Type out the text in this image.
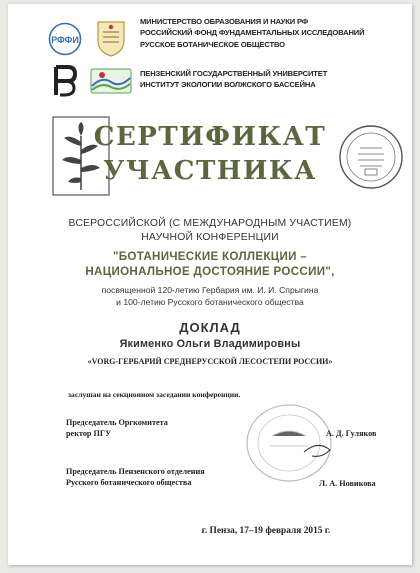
РФФИ
МИНИСТЕРСТВО ОБРАЗОВАНИЯ И НАУКИ РФ
РОССИЙСКИЙ ФОНД ФУНДАМЕНТАЛЬНЫХ ИССЛЕДОВАНИЙ
РУССКОЕ БОТАНИЧЕСКОЕ ОБЩЕСТВО
ПЕНЗЕНСКИЙ ГОСУДАРСТВЕННЫЙ УНИВЕРСИТЕТ
ИНСТИТУТ ЭКОЛОГИИ ВОЛЖСКОГО БАССЕЙНА
СЕРТИФИКАТ
УЧАСТНИКА
ВСЕРОССИЙСКОЙ (С МЕЖДУНАРОДНЫМ УЧАСТИЕМ)
НАУЧНОЙ КОНФЕРЕНЦИИ
"БОТАНИЧЕСКИЕ КОЛЛЕКЦИИ –
НАЦИОНАЛЬНОЕ ДОСТОЯНИЕ РОССИИ",
посвященной 120-летию Гербария им. И. И. Спрыгина
и 100-летию Русского ботанического общества
ДОКЛАД
Якименко Ольги Владимировны
«VORG-ГЕРБАРИЙ СРЕДНЕРУССКОЙ ЛЕСОСТЕПИ РОССИИ»
заслушан на секционном заседании конференции.
Председатель Оргкомитета
ректор ПГУ	А. Д. Гуляков
Председатель Пензенского отделения
Русского ботанического общества	Л. А. Новикова
г. Пенза, 17–19 февраля 2015 г.
